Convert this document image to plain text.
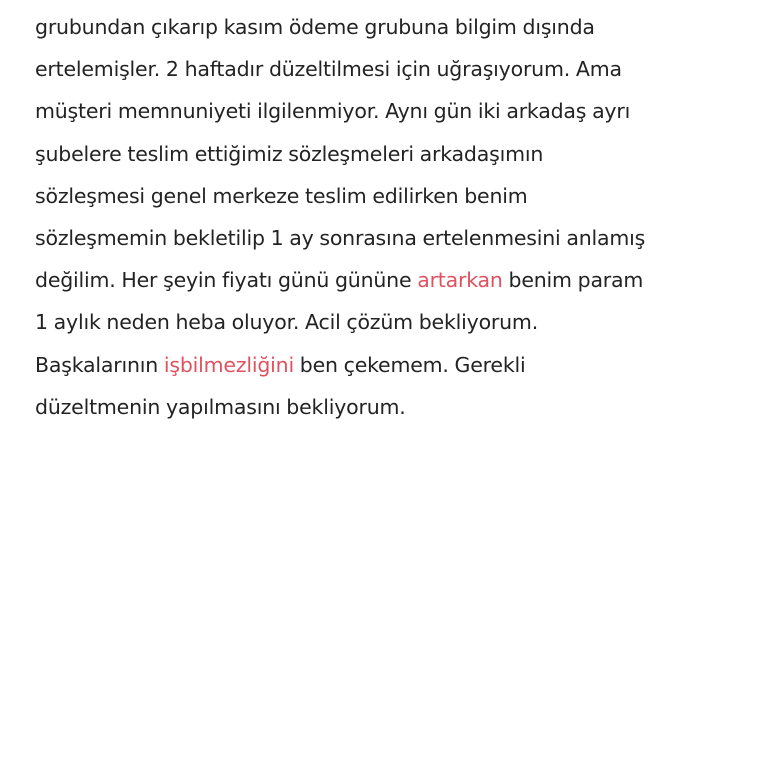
grubundan çıkarıp kasım ödeme grubuna bilgim dışında
ertelemişler. 2 haftadır düzeltilmesi için uğraşıyorum. Ama
müşteri memnuniyeti ilgilenmiyor. Aynı gün iki arkadaş ayrı
şubelere teslim ettiğimiz sözleşmeleri arkadaşımın
sözleşmesi genel merkeze teslim edilirken benim
sözleşmemin bekletilip 1 ay sonrasına ertelenmesini anlamış
değilim. Her şeyin fiyatı günü gününe artarkan benim param
1 aylık neden heba oluyor. Acil çözüm bekliyorum.
Başkalarının işbilmezliğini ben çekemem. Gerekli
düzeltmenin yapılmasını bekliyorum.
